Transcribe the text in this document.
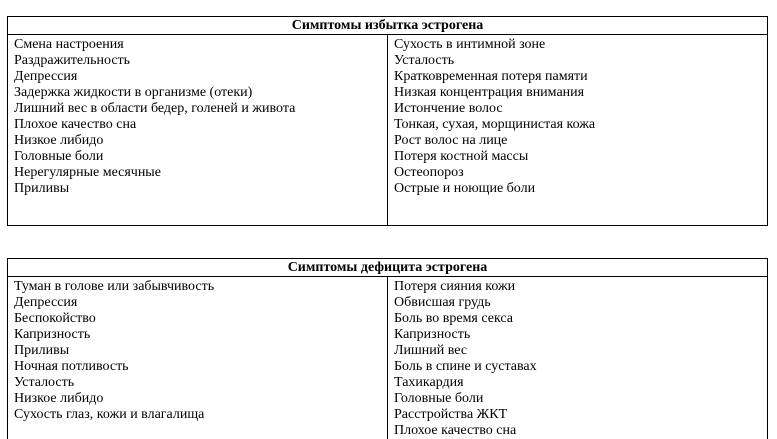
Симптомы избытка эстрогена

Смена настроения
Раздражительность
Депрессия
Задержка жидкости в организме (отеки)
Лишний вес в области бедер, голеней и живота
Плохое качество сна
Низкое либидо
Головные боли
Нерегулярные месячные
Приливы

Сухость в интимной зоне
Усталость
Кратковременная потеря памяти
Низкая концентрация внимания
Истончение волос
Тонкая, сухая, морщинистая кожа
Рост волос на лице
Потеря костной массы
Остеопороз
Острые и ноющие боли
Симптомы дефицита эстрогена

Туман в голове или забывчивость
Депрессия
Беспокойство
Капризность
Приливы
Ночная потливость
Усталость
Низкое либидо
Сухость глаз, кожи и влагалища

Потеря сияния кожи
Обвисшая грудь
Боль во время секса
Капризность
Лишний вес
Боль в спине и суставах
Тахикардия
Головные боли
Расстройства ЖКТ
Плохое качество сна
